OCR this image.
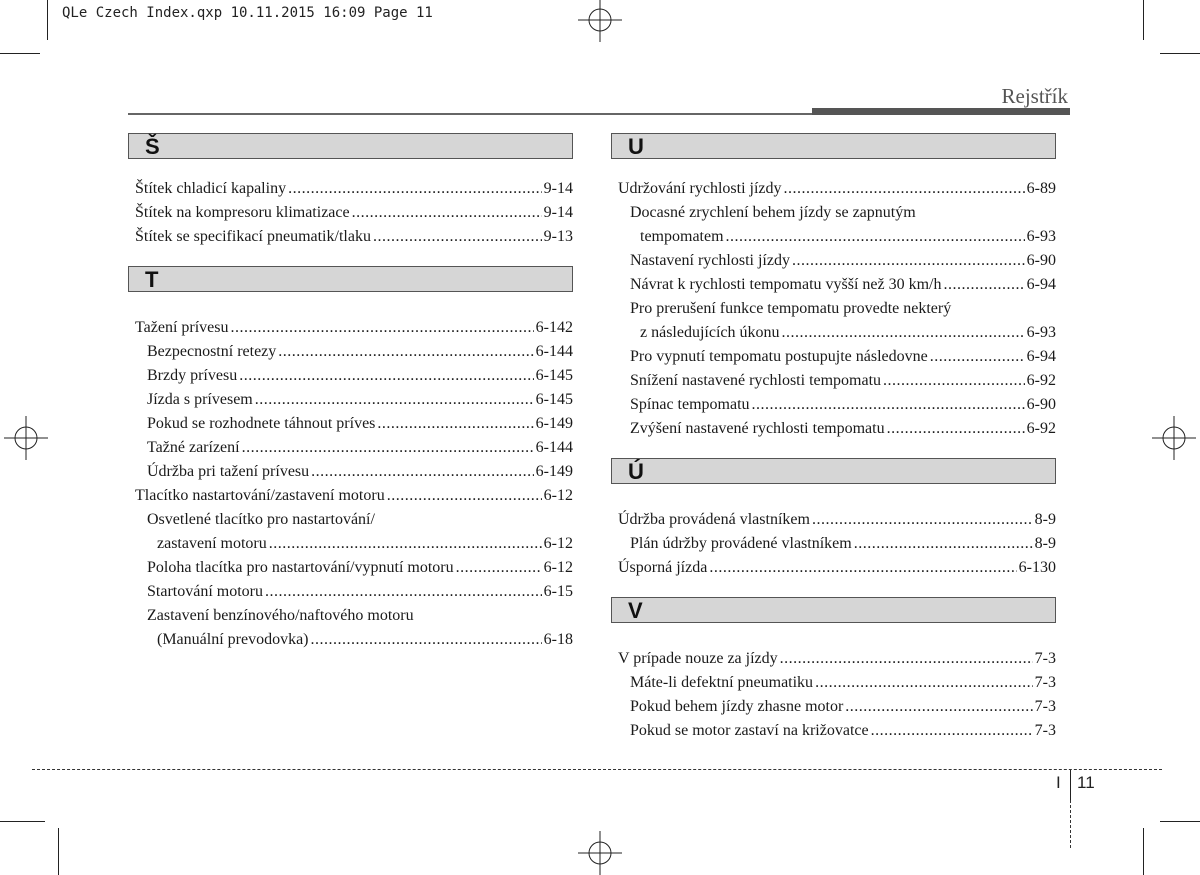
QLe Czech Index.qxp 10.11.2015 16:09 Page 11
Rejstřík
Š
Štítek chladicí kapaliny .....	9-14
Štítek na kompresoru klimatizace .....	9-14
Štítek se specifikací pneumatik/tlaku .....	9-13
T
Tažení prívesu .....	6-142
Bezpecnostní retezy .....	6-144
Brzdy prívesu .....	6-145
Jízda s prívesem .....	6-145
Pokud se rozhodnete táhnout príves .....	6-149
Tažné zarízení .....	6-144
Údržba pri tažení prívesu .....	6-149
Tlacítko nastartování/zastavení motoru .....	6-12
Osvetlené tlacítko pro nastartování/
zastavení motoru .....	6-12
Poloha tlacítka pro nastartování/vypnutí motoru .....	6-12
Startování motoru .....	6-15
Zastavení benzínového/naftového motoru
(Manuální prevodovka) .....	6-18
U
Udržování rychlosti jízdy .....	6-89
Docasné zrychlení behem jízdy se zapnutým
tempomatem .....	6-93
Nastavení rychlosti jízdy .....	6-90
Návrat k rychlosti tempomatu vyšší než 30 km/h .....	6-94
Pro prerušení funkce tempomatu provedte nekterý
z následujících úkonu .....	6-93
Pro vypnutí tempomatu postupujte následovne .....	6-94
Snížení nastavené rychlosti tempomatu .....	6-92
Spínac tempomatu .....	6-90
Zvýšení nastavené rychlosti tempomatu .....	6-92
Ú
Údržba provádená vlastníkem .....	8-9
Plán údržby provádené vlastníkem .....	8-9
Úsporná jízda .....	6-130
V
V prípade nouze za jízdy .....	7-3
Máte-li defektní pneumatiku .....	7-3
Pokud behem jízdy zhasne motor .....	7-3
Pokud se motor zastaví na križovatce .....	7-3
I 11
